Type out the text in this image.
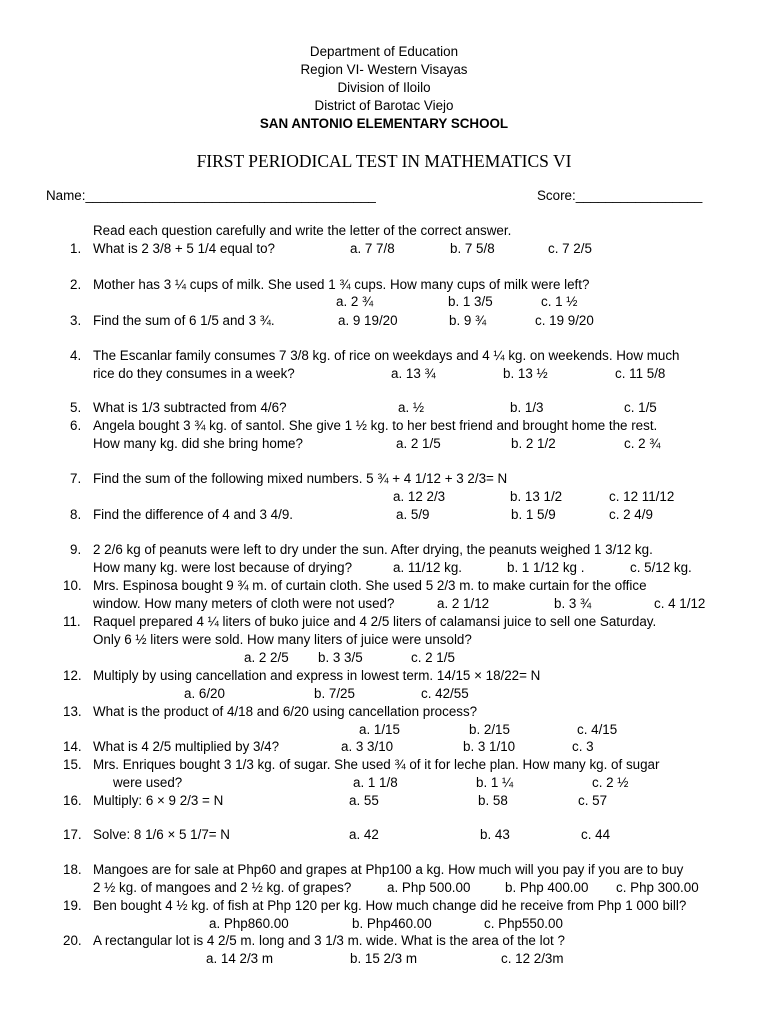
Department of Education
Region VI- Western Visayas
Division of Iloilo
District of Barotac Viejo
SAN ANTONIO ELEMENTARY SCHOOL
FIRST PERIODICAL TEST IN MATHEMATICS VI
Name:_______________________________________	Score:_________________
Read each question carefully and write the letter of the correct answer.
1. What is 2 3/8 + 5 1/4 equal to?	a. 7 7/8	b. 7 5/8	c. 7 2/5
2. Mother has 3 ¼ cups of milk. She used 1 ¾ cups. How many cups of milk were left?
a. 2 ¾	b. 1 3/5	c. 1 ½
3. Find the sum of 6 1/5 and 3 ¾.	a. 9 19/20	b. 9 ¾	c. 19 9/20
4. The Escanlar family consumes 7 3/8 kg. of rice on weekdays and 4 ¼ kg. on weekends. How much
rice do they consumes in a week?	a. 13 ¾	b. 13 ½	c. 11 5/8
5. What is 1/3 subtracted from 4/6?	a. ½	b. 1/3	c. 1/5
6. Angela bought 3 ¾ kg. of santol. She give 1 ½ kg. to her best friend and brought home the rest.
How many kg. did she bring home?	a. 2 1/5	b. 2 1/2	c. 2 ¾
7. Find the sum of the following mixed numbers. 5 ¾ + 4 1/12 + 3 2/3= N
a. 12 2/3	b. 13 1/2	c. 12 11/12
8. Find the difference of 4 and 3 4/9.	a. 5/9	b. 1 5/9	c. 2 4/9
9. 2 2/6 kg of peanuts were left to dry under the sun. After drying, the peanuts weighed 1 3/12 kg.
How many kg. were lost because of drying?	a. 11/12 kg.	b. 1 1/12 kg .	c. 5/12 kg.
10. Mrs. Espinosa bought 9 ¾ m. of curtain cloth. She used 5 2/3 m. to make curtain for the office
window. How many meters of cloth were not used?	a. 2 1/12	b. 3 ¾	c. 4 1/12
11. Raquel prepared 4 ¼ liters of buko juice and 4 2/5 liters of calamansi juice to sell one Saturday.
Only 6 ½ liters were sold. How many liters of juice were unsold?
a. 2 2/5 b. 3 3/5	c. 2 1/5
12. Multiply by using cancellation and express in lowest term. 14/15 × 18/22= N
a. 6/20	b. 7/25	c. 42/55
13. What is the product of 4/18 and 6/20 using cancellation process?
a. 1/15	b. 2/15	c. 4/15
14. What is 4 2/5 multiplied by 3/4?	a. 3 3/10	b. 3 1/10	c. 3
15. Mrs. Enriques bought 3 1/3 kg. of sugar. She used ¾ of it for leche plan. How many kg. of sugar
were used?	a. 1 1/8	b. 1 ¼	c. 2 ½
16. Multiply: 6 × 9 2/3 = N	a. 55	b. 58	c. 57
17. Solve: 8 1/6 × 5 1/7= N	a. 42	b. 43	c. 44
18. Mangoes are for sale at Php60 and grapes at Php100 a kg. How much will you pay if you are to buy
2 ½ kg. of mangoes and 2 ½ kg. of grapes?	a. Php 500.00	b. Php 400.00 c. Php 300.00
19. Ben bought 4 ½ kg. of fish at Php 120 per kg. How much change did he receive from Php 1 000 bill?
a. Php860.00	b. Php460.00	c. Php550.00
20. A rectangular lot is 4 2/5 m. long and 3 1/3 m. wide. What is the area of the lot ?
a. 14 2/3 m	b. 15 2/3 m	c. 12 2/3m
